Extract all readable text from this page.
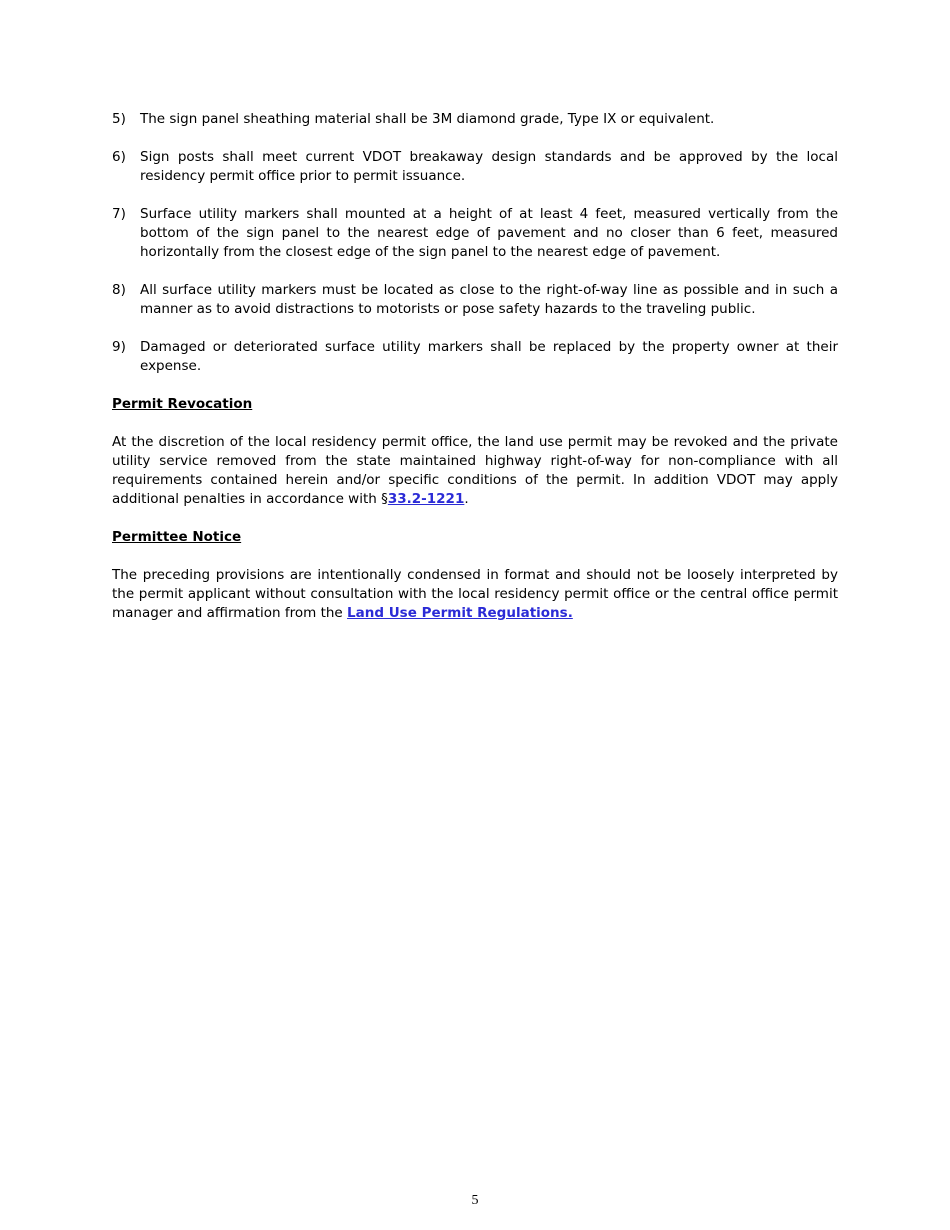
5)	The sign panel sheathing material shall be 3M diamond grade, Type IX or equivalent.
6)	Sign posts shall meet current VDOT breakaway design standards and be approved by the local residency permit office prior to permit issuance.
7)	Surface utility markers shall mounted at a height of at least 4 feet, measured vertically from the bottom of the sign panel to the nearest edge of pavement and no closer than 6 feet, measured horizontally from the closest edge of the sign panel to the nearest edge of pavement.
8)	All surface utility markers must be located as close to the right-of-way line as possible and in such a manner as to avoid distractions to motorists or pose safety hazards to the traveling public.
9)	Damaged or deteriorated surface utility markers shall be replaced by the property owner at their expense.
Permit Revocation

At the discretion of the local residency permit office, the land use permit may be revoked and the private utility service removed from the state maintained highway right-of-way for non-compliance with all requirements contained herein and/or specific conditions of the permit. In addition VDOT may apply additional penalties in accordance with §33.2-1221.

Permittee Notice

The preceding provisions are intentionally condensed in format and should not be loosely interpreted by the permit applicant without consultation with the local residency permit office or the central office permit manager and affirmation from the Land Use Permit Regulations.

5
